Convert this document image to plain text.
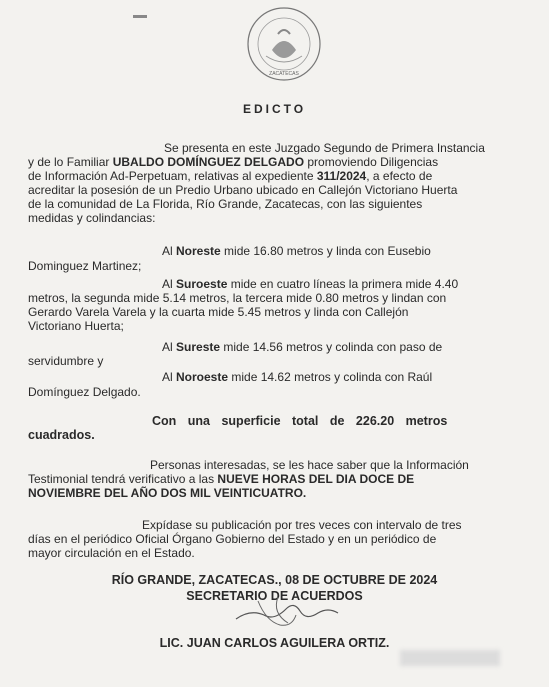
ZACATECAS
EDICTO
Se presenta en este Juzgado Segundo de Primera Instancia
y de lo Familiar UBALDO DOMÍNGUEZ DELGADO promoviendo Diligencias
de Información Ad-Perpetuam, relativas al expediente 311/2024, a efecto de
acreditar la posesión de un Predio Urbano ubicado en Callejón Victoriano Huerta
de la comunidad de La Florida, Río Grande, Zacatecas, con las siguientes
medidas y colindancias:
Al Noreste mide 16.80 metros y linda con Eusebio
Dominguez Martinez;
Al Suroeste mide en cuatro líneas la primera mide 4.40
metros, la segunda mide 5.14 metros, la tercera mide 0.80 metros y lindan con
Gerardo Varela Varela y la cuarta mide 5.45 metros y linda con Callejón
Victoriano Huerta;
Al Sureste mide 14.56 metros y colinda con paso de
servidumbre y
Al Noroeste mide 14.62 metros y colinda con Raúl
Domínguez Delgado.
Con una superficie total de 226.20 metros
cuadrados.
Personas interesadas, se les hace saber que la Información
Testimonial tendrá verificativo a las NUEVE HORAS DEL DIA DOCE DE
NOVIEMBRE DEL AÑO DOS MIL VEINTICUATRO.
Expídase su publicación por tres veces con intervalo de tres
días en el periódico Oficial Órgano Gobierno del Estado y en un periódico de
mayor circulación en el Estado.
RÍO GRANDE, ZACATECAS., 08 DE OCTUBRE DE 2024
SECRETARIO DE ACUERDOS
LIC. JUAN CARLOS AGUILERA ORTIZ.
